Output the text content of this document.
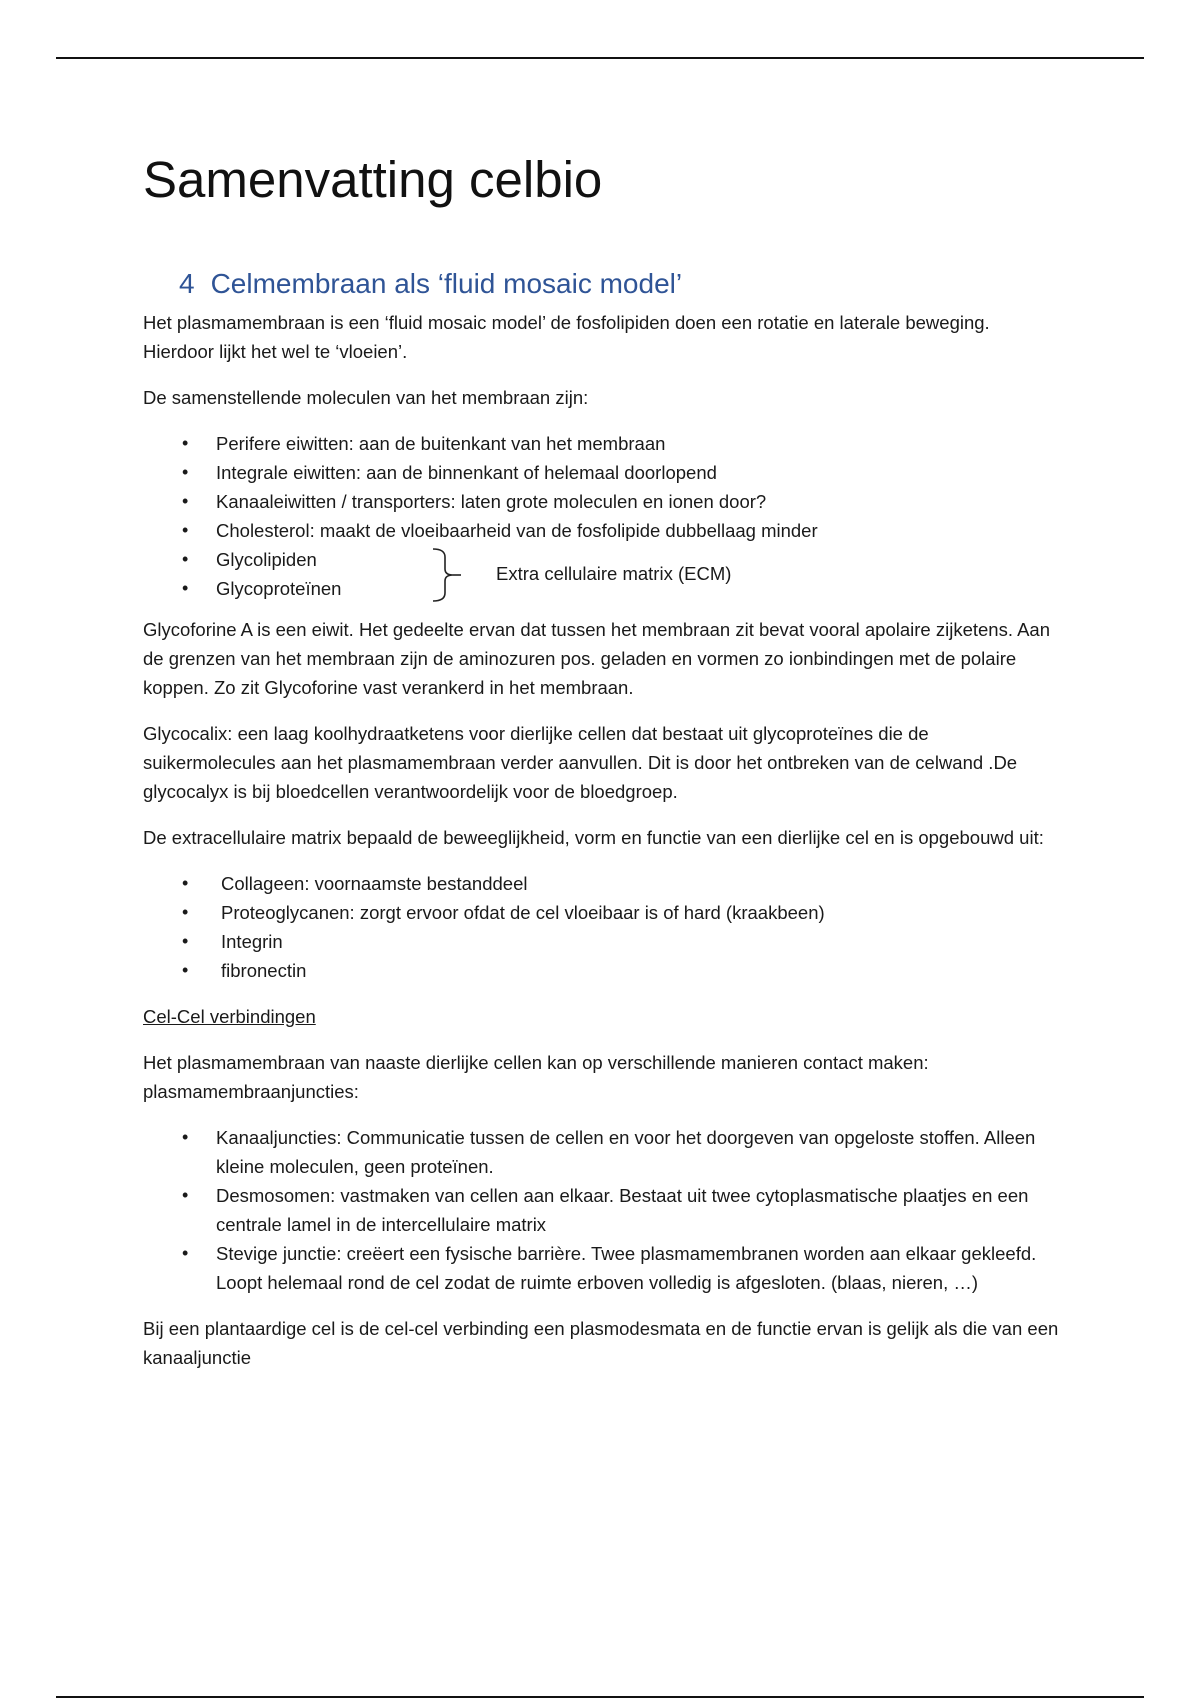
Samenvatting celbio
4 Celmembraan als ‘fluid mosaic model’

Het plasmamembraan is een ‘fluid mosaic model’ de fosfolipiden doen een rotatie en laterale beweging. Hierdoor lijkt het wel te ‘vloeien’.

De samenstellende moleculen van het membraan zijn:

• Perifere eiwitten: aan de buitenkant van het membraan
• Integrale eiwitten: aan de binnenkant of helemaal doorlopend
• Kanaaleiwitten / transporters: laten grote moleculen en ionen door?
• Cholesterol: maakt de vloeibaarheid van de fosfolipide dubbellaag minder
• Glycolipiden
Extra cellulaire matrix (ECM)
• Glycoproteïnen

Glycoforine A is een eiwit. Het gedeelte ervan dat tussen het membraan zit bevat vooral apolaire zijketens. Aan de grenzen van het membraan zijn de aminozuren pos. geladen en vormen zo ionbindingen met de polaire koppen. Zo zit Glycoforine vast verankerd in het membraan.

Glycocalix: een laag koolhydraatketens voor dierlijke cellen dat bestaat uit glycoproteïnes die de suikermolecules aan het plasmamembraan verder aanvullen. Dit is door het ontbreken van de celwand .De glycocalyx is bij bloedcellen verantwoordelijk voor de bloedgroep.

De extracellulaire matrix bepaald de beweeglijkheid, vorm en functie van een dierlijke cel en is opgebouwd uit:

• Collageen: voornaamste bestanddeel
• Proteoglycanen: zorgt ervoor ofdat de cel vloeibaar is of hard (kraakbeen)
• Integrin
• fibronectin

Cel-Cel verbindingen

Het plasmamembraan van naaste dierlijke cellen kan op verschillende manieren contact maken: plasmamembraanjuncties:

• Kanaaljuncties: Communicatie tussen de cellen en voor het doorgeven van opgeloste stoffen. Alleen kleine moleculen, geen proteïnen.
• Desmosomen: vastmaken van cellen aan elkaar. Bestaat uit twee cytoplasmatische plaatjes en een centrale lamel in de intercellulaire matrix
• Stevige junctie: creëert een fysische barrière. Twee plasmamembranen worden aan elkaar gekleefd. Loopt helemaal rond de cel zodat de ruimte erboven volledig is afgesloten. (blaas, nieren, …)

Bij een plantaardige cel is de cel-cel verbinding een plasmodesmata en de functie ervan is gelijk als die van een kanaaljunctie
